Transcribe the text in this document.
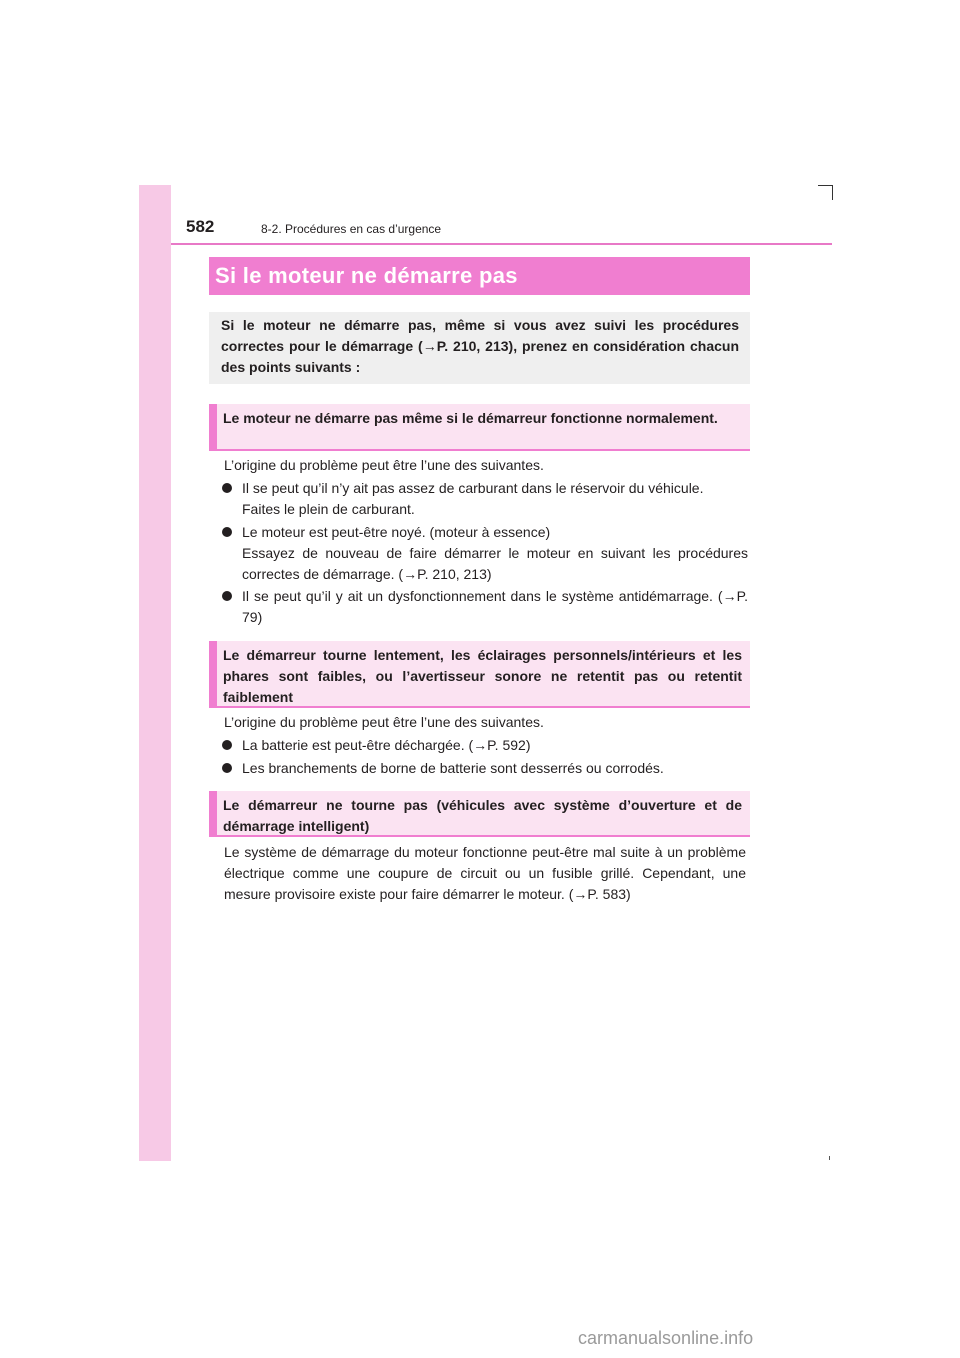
582	8-2. Procédures en cas d’urgence
Si le moteur ne démarre pas
Si le moteur ne démarre pas, même si vous avez suivi les procédures correctes pour le démarrage (→P. 210, 213), prenez en considération chacun des points suivants :
Le moteur ne démarre pas même si le démarreur fonctionne normalement.
L’origine du problème peut être l’une des suivantes.
Il se peut qu’il n’y ait pas assez de carburant dans le réservoir du véhicule.
Faites le plein de carburant.
Le moteur est peut-être noyé. (moteur à essence)
Essayez de nouveau de faire démarrer le moteur en suivant les procédures correctes de démarrage. (→P. 210, 213)
Il se peut qu’il y ait un dysfonctionnement dans le système antidémarrage. (→P. 79)
Le démarreur tourne lentement, les éclairages personnels/intérieurs et les phares sont faibles, ou l’avertisseur sonore ne retentit pas ou retentit faiblement
L’origine du problème peut être l’une des suivantes.
La batterie est peut-être déchargée. (→P. 592)
Les branchements de borne de batterie sont desserrés ou corrodés.
Le démarreur ne tourne pas (véhicules avec système d’ouverture et de démarrage intelligent)
Le système de démarrage du moteur fonctionne peut-être mal suite à un problème électrique comme une coupure de circuit ou un fusible grillé. Cependant, une mesure provisoire existe pour faire démarrer le moteur. (→P. 583)
carmanualsonline.info
